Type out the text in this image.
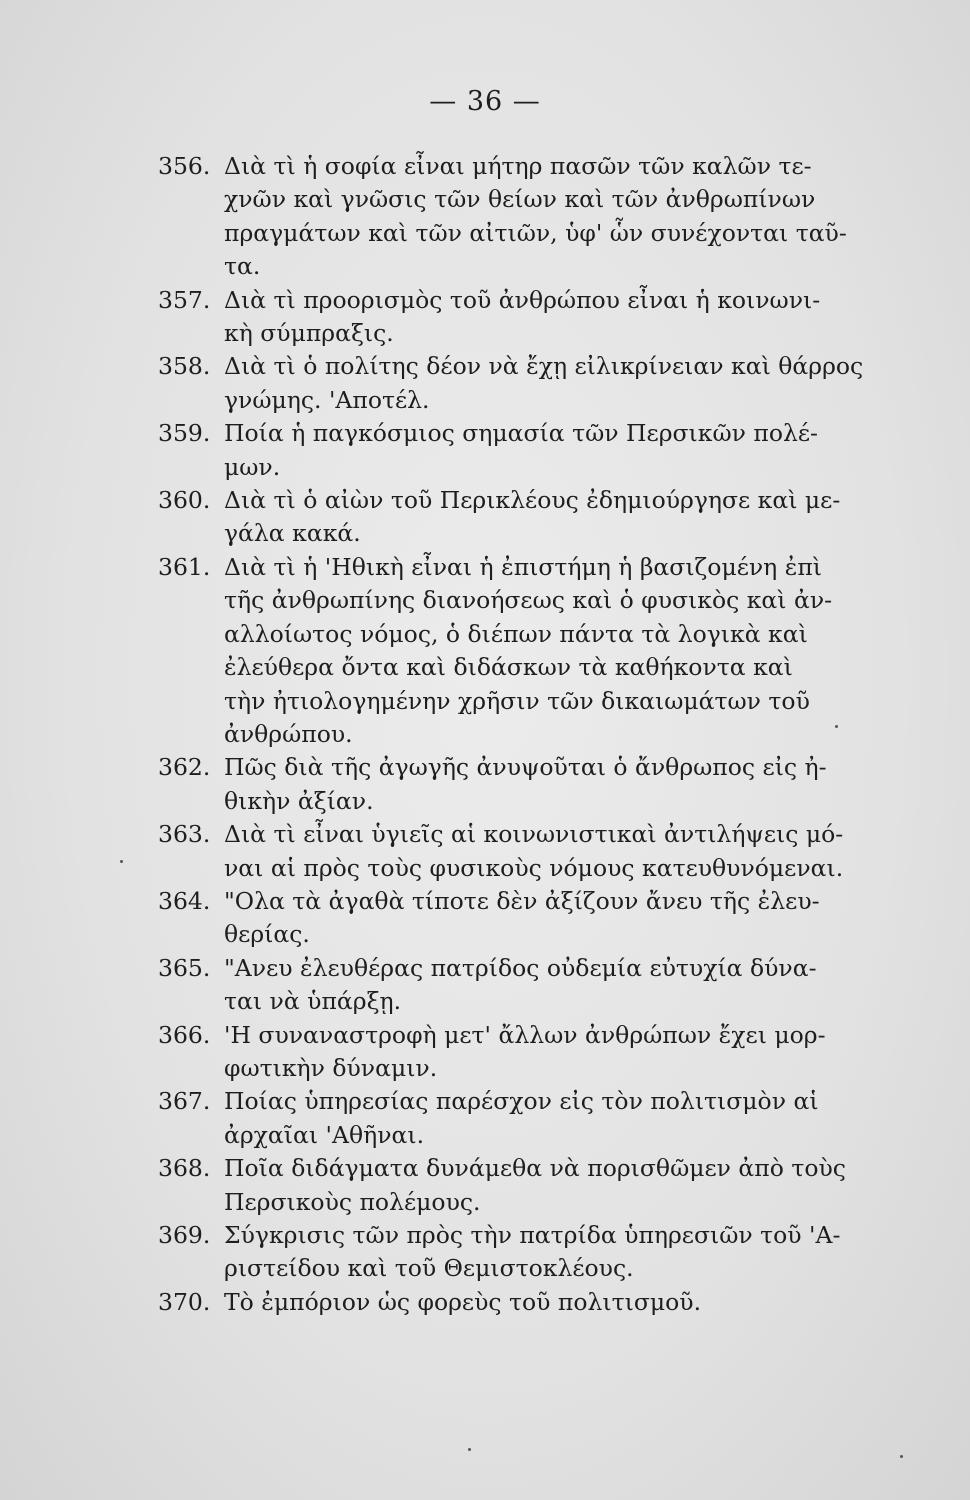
— 36 —
356. Διὰ τὶ ἡ σοφία εἶναι μήτηρ πασῶν τῶν καλῶν τε-
χνῶν καὶ γνῶσις τῶν θείων καὶ τῶν ἀνθρωπίνων
πραγμάτων καὶ τῶν αἰτιῶν, ὑφ' ὧν συνέχονται ταῦ-
τα.
357. Διὰ τὶ προορισμὸς τοῦ ἀνθρώπου εἶναι ἡ κοινωνι-
κὴ σύμπραξις.
358. Διὰ τὶ ὁ πολίτης δέον νὰ ἔχῃ εἰλικρίνειαν καὶ θάρρος
γνώμης. 'Αποτέλ.
359. Ποία ἡ παγκόσμιος σημασία τῶν Περσικῶν πολέ-
μων.
360. Διὰ τὶ ὁ αἰὼν τοῦ Περικλέους ἐδημιούργησε καὶ με-
γάλα κακά.
361. Διὰ τὶ ἡ 'Ηθικὴ εἶναι ἡ ἐπιστήμη ἡ βασιζομένη ἐπὶ
τῆς ἀνθρωπίνης διανοήσεως καὶ ὁ φυσικὸς καὶ ἀν-
αλλοίωτος νόμος, ὁ διέπων πάντα τὰ λογικὰ καὶ
ἐλεύθερα ὄντα καὶ διδάσκων τὰ καθήκοντα καὶ
τὴν ἠτιολογημένην χρῆσιν τῶν δικαιωμάτων τοῦ
ἀνθρώπου.
362. Πῶς διὰ τῆς ἀγωγῆς ἀνυψοῦται ὁ ἄνθρωπος εἰς ἠ-
θικὴν ἀξίαν.
363. Διὰ τὶ εἶναι ὑγιεῖς αἱ κοινωνιστικαὶ ἀντιλήψεις μό-
ναι αἱ πρὸς τοὺς φυσικοὺς νόμους κατευθυνόμεναι.
364. "Ολα τὰ ἀγαθὰ τίποτε δὲν ἀξίζουν ἄνευ τῆς ἐλευ-
θερίας.
365. "Ανευ ἐλευθέρας πατρίδος οὐδεμία εὐτυχία δύνα-
ται νὰ ὑπάρξῃ.
366. 'Η συναναστροφὴ μετ' ἄλλων ἀνθρώπων ἔχει μορ-
φωτικὴν δύναμιν.
367. Ποίας ὑπηρεσίας παρέσχον εἰς τὸν πολιτισμὸν αἱ
ἀρχαῖαι 'Αθῆναι.
368. Ποῖα διδάγματα δυνάμεθα νὰ πορισθῶμεν ἀπὸ τοὺς
Περσικοὺς πολέμους.
369. Σύγκρισις τῶν πρὸς τὴν πατρίδα ὑπηρεσιῶν τοῦ 'Α-
ριστείδου καὶ τοῦ Θεμιστοκλέους.
370. Τὸ ἐμπόριον ὡς φορεὺς τοῦ πολιτισμοῦ.
